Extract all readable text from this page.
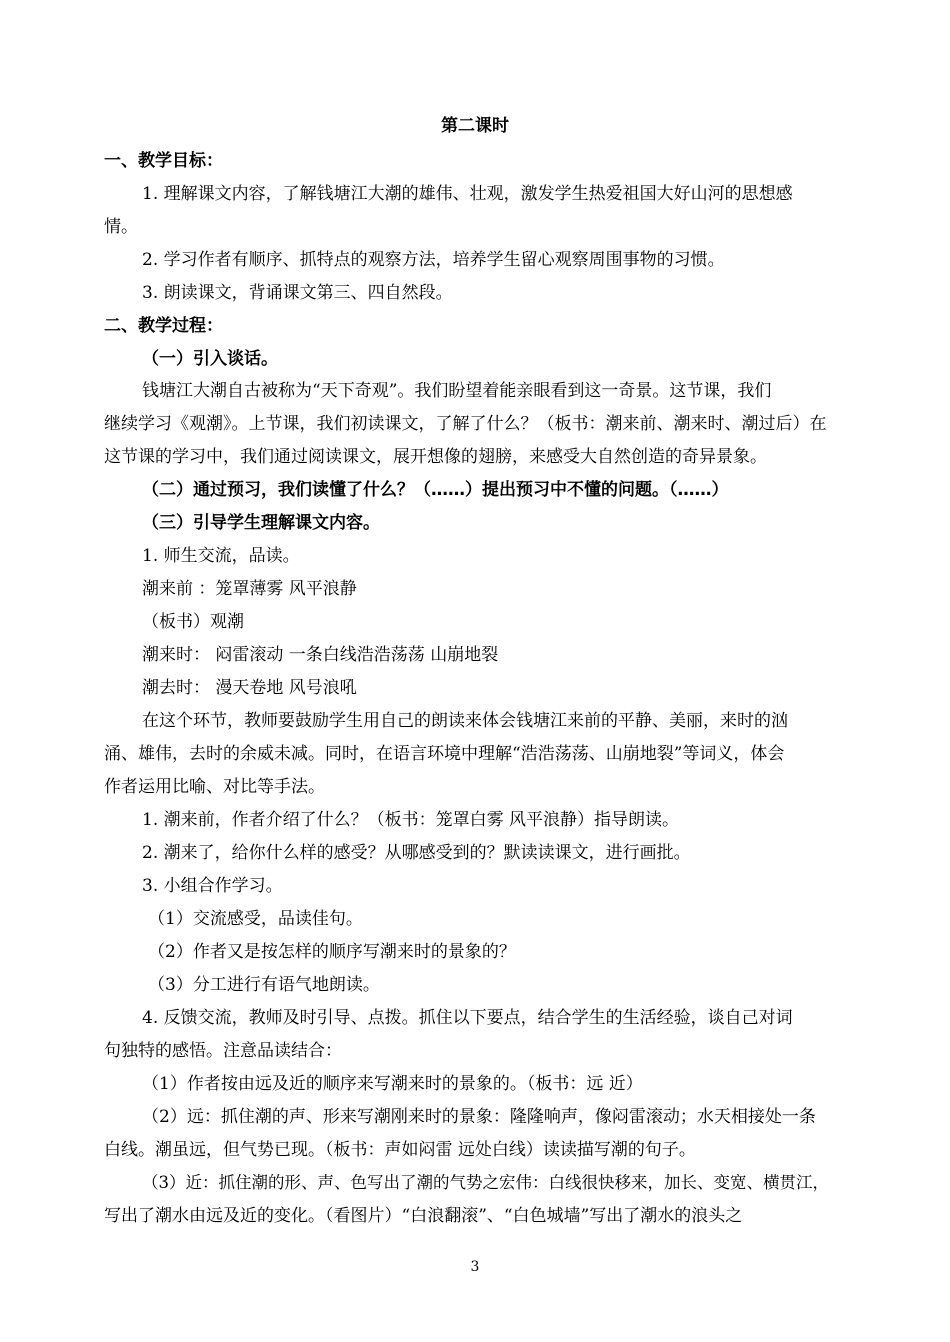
第二课时
一、教学目标：
1. 理解课文内容，了解钱塘江大潮的雄伟、壮观，激发学生热爱祖国大好山河的思想感
情。
2. 学习作者有顺序、抓特点的观察方法，培养学生留心观察周围事物的习惯。
3. 朗读课文，背诵课文第三、四自然段。
二、教学过程：
（一）引入谈话。
钱塘江大潮自古被称为“天下奇观”。我们盼望着能亲眼看到这一奇景。这节课，我们
继续学习《观潮》。上节课，我们初读课文，了解了什么？（板书：潮来前、潮来时、潮过后）在
这节课的学习中，我们通过阅读课文，展开想像的翅膀，来感受大自然创造的奇异景象。
（二）通过预习，我们读懂了什么？（……）提出预习中不懂的问题。（……）
（三）引导学生理解课文内容。
1. 师生交流，品读。
潮来前 ：笼罩薄雾 风平浪静
（板书）观潮
潮来时： 闷雷滚动 一条白线浩浩荡荡 山崩地裂
潮去时： 漫天卷地 风号浪吼
在这个环节，教师要鼓励学生用自己的朗读来体会钱塘江来前的平静、美丽，来时的汹
涌、雄伟，去时的余威未减。同时，在语言环境中理解“浩浩荡荡、山崩地裂”等词义，体会
作者运用比喻、对比等手法。
1. 潮来前，作者介绍了什么？（板书：笼罩白雾 风平浪静）指导朗读。
2. 潮来了，给你什么样的感受？从哪感受到的？默读读课文，进行画批。
3. 小组合作学习。
（1）交流感受，品读佳句。
（2）作者又是按怎样的顺序写潮来时的景象的？
（3）分工进行有语气地朗读。
4. 反馈交流，教师及时引导、点拨。抓住以下要点，结合学生的生活经验，谈自己对词
句独特的感悟。注意品读结合：
（1）作者按由远及近的顺序来写潮来时的景象的。（板书：远 近）
（2）远：抓住潮的声、形来写潮刚来时的景象：隆隆响声，像闷雷滚动；水天相接处一条
白线。潮虽远，但气势已现。（板书：声如闷雷 远处白线）读读描写潮的句子。
（3）近：抓住潮的形、声、色写出了潮的气势之宏伟：白线很快移来，加长、变宽、横贯江，
写出了潮水由远及近的变化。（看图片）“白浪翻滚”、“白色城墙”写出了潮水的浪头之
3
